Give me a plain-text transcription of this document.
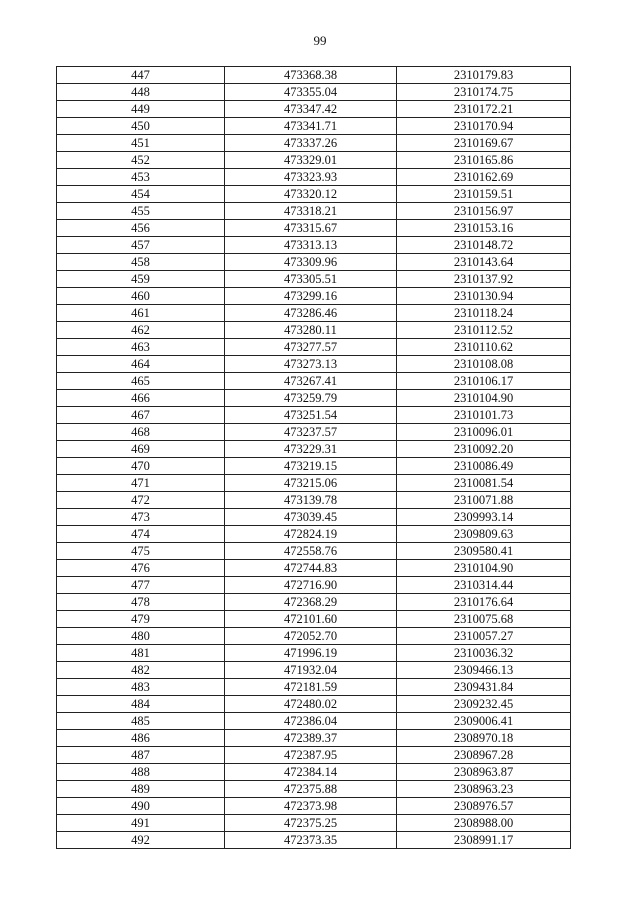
99
447	473368.38	2310179.83
448	473355.04	2310174.75
449	473347.42	2310172.21
450	473341.71	2310170.94
451	473337.26	2310169.67
452	473329.01	2310165.86
453	473323.93	2310162.69
454	473320.12	2310159.51
455	473318.21	2310156.97
456	473315.67	2310153.16
457	473313.13	2310148.72
458	473309.96	2310143.64
459	473305.51	2310137.92
460	473299.16	2310130.94
461	473286.46	2310118.24
462	473280.11	2310112.52
463	473277.57	2310110.62
464	473273.13	2310108.08
465	473267.41	2310106.17
466	473259.79	2310104.90
467	473251.54	2310101.73
468	473237.57	2310096.01
469	473229.31	2310092.20
470	473219.15	2310086.49
471	473215.06	2310081.54
472	473139.78	2310071.88
473	473039.45	2309993.14
474	472824.19	2309809.63
475	472558.76	2309580.41
476	472744.83	2310104.90
477	472716.90	2310314.44
478	472368.29	2310176.64
479	472101.60	2310075.68
480	472052.70	2310057.27
481	471996.19	2310036.32
482	471932.04	2309466.13
483	472181.59	2309431.84
484	472480.02	2309232.45
485	472386.04	2309006.41
486	472389.37	2308970.18
487	472387.95	2308967.28
488	472384.14	2308963.87
489	472375.88	2308963.23
490	472373.98	2308976.57
491	472375.25	2308988.00
492	472373.35	2308991.17
